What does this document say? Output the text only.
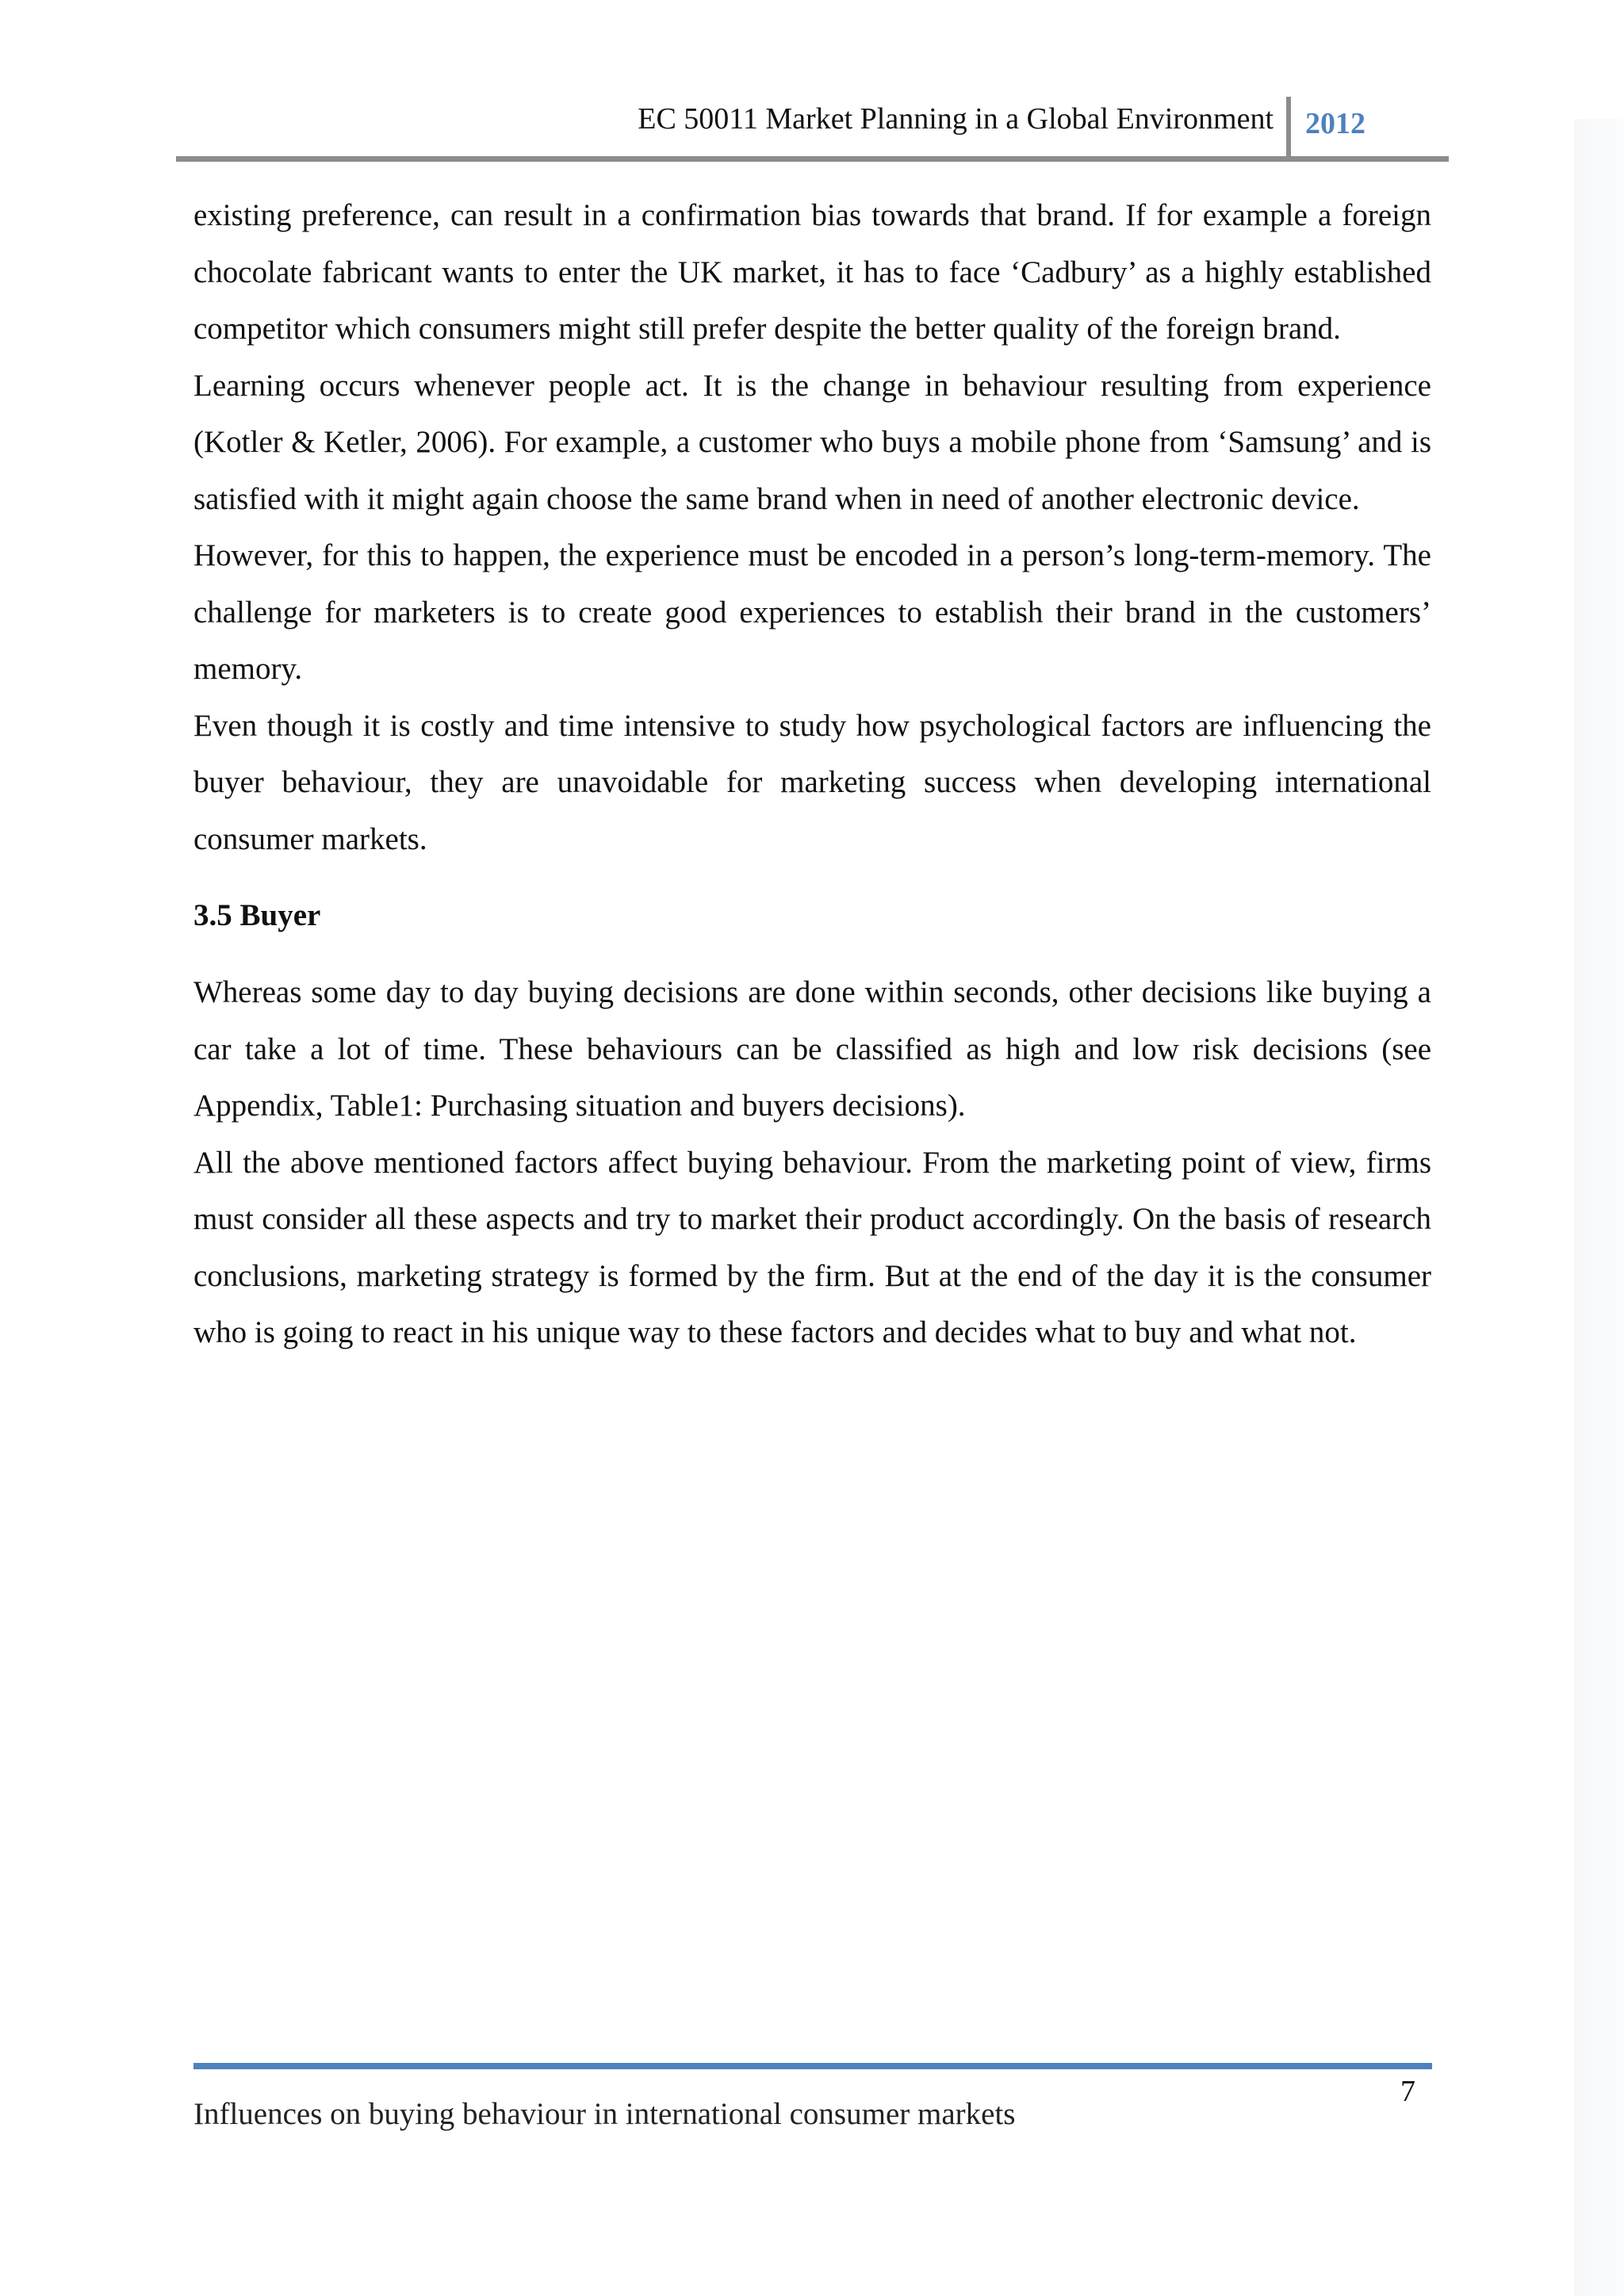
EC 50011 Market Planning in a Global Environment 2012

existing preference, can result in a confirmation bias towards that brand. If for example a foreign chocolate fabricant wants to enter the UK market, it has to face ‘Cadbury’ as a highly established competitor which consumers might still prefer despite the better quality of the foreign brand.

Learning occurs whenever people act. It is the change in behaviour resulting from experience (Kotler & Ketler, 2006). For example, a customer who buys a mobile phone from ‘Samsung’ and is satisfied with it might again choose the same brand when in need of another electronic device.

However, for this to happen, the experience must be encoded in a person’s long-term-memory. The challenge for marketers is to create good experiences to establish their brand in the customers’ memory.

Even though it is costly and time intensive to study how psychological factors are influencing the buyer behaviour, they are unavoidable for marketing success when developing international consumer markets.

3.5 Buyer

Whereas some day to day buying decisions are done within seconds, other decisions like buying a car take a lot of time. These behaviours can be classified as high and low risk decisions (see Appendix, Table1: Purchasing situation and buyers decisions).

All the above mentioned factors affect buying behaviour. From the marketing point of view, firms must consider all these aspects and try to market their product accordingly. On the basis of research conclusions, marketing strategy is formed by the firm. But at the end of the day it is the consumer who is going to react in his unique way to these factors and decides what to buy and what not.

7
Influences on buying behaviour in international consumer markets
